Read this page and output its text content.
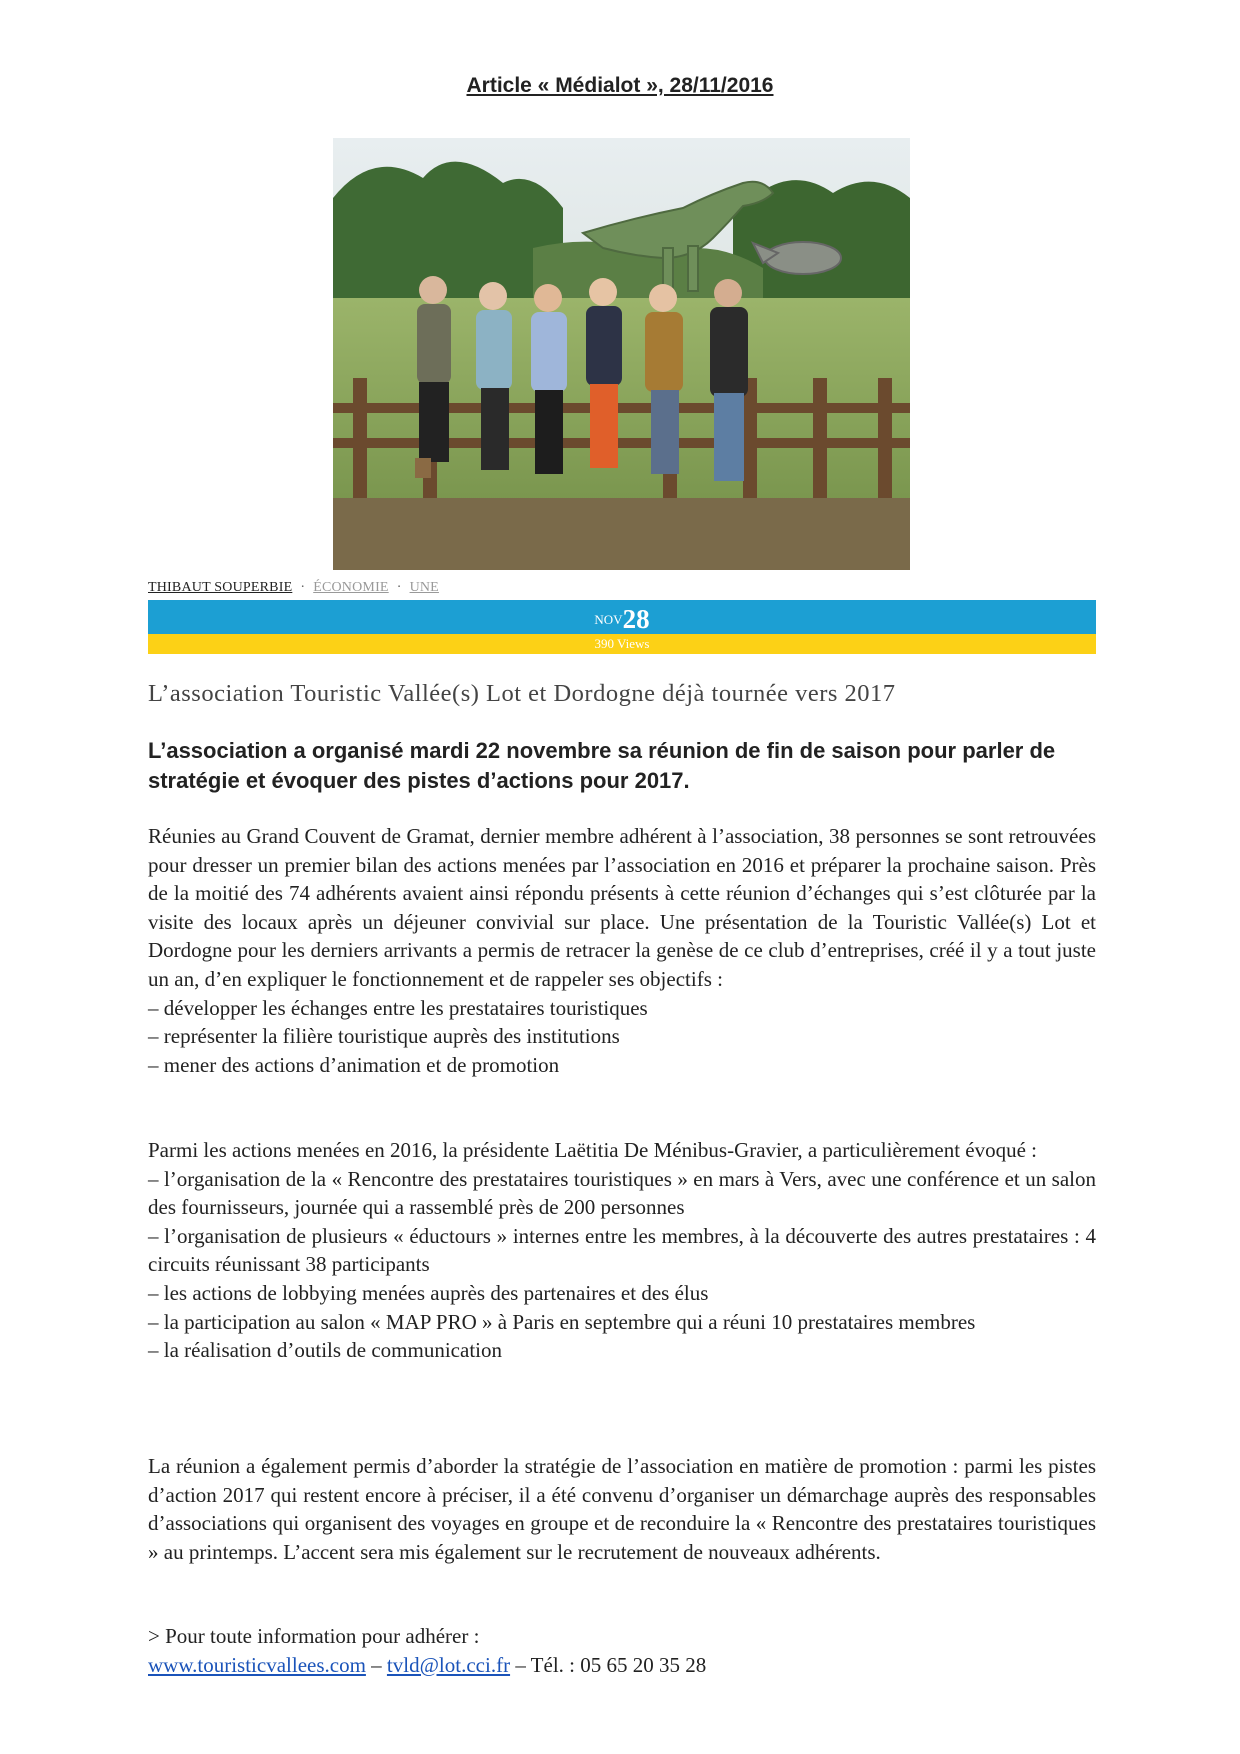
Article « Médialot », 28/11/2016
THIBAUT SOUPERBIE · ÉCONOMIE · UNE
NOV 28
390 Views
L’association Touristic Vallée(s) Lot et Dordogne déjà tournée vers 2017
L’association a organisé mardi 22 novembre sa réunion de fin de saison pour parler de stratégie et évoquer des pistes d’actions pour 2017.

Réunies au Grand Couvent de Gramat, dernier membre adhérent à l’association, 38 personnes se sont retrouvées pour dresser un premier bilan des actions menées par l’association en 2016 et préparer la prochaine saison. Près de la moitié des 74 adhérents avaient ainsi répondu présents à cette réunion d’échanges qui s’est clôturée par la visite des locaux après un déjeuner convivial sur place. Une présentation de la Touristic Vallée(s) Lot et Dordogne pour les derniers arrivants a permis de retracer la genèse de ce club d’entreprises, créé il y a tout juste un an, d’en expliquer le fonctionnement et de rappeler ses objectifs :

– développer les échanges entre les prestataires touristiques

– représenter la filière touristique auprès des institutions

– mener des actions d’animation et de promotion

Parmi les actions menées en 2016, la présidente Laëtitia De Ménibus-Gravier, a particulièrement évoqué :

– l’organisation de la « Rencontre des prestataires touristiques » en mars à Vers, avec une conférence et un salon des fournisseurs, journée qui a rassemblé près de 200 personnes

– l’organisation de plusieurs « éductours » internes entre les membres, à la découverte des autres prestataires : 4 circuits réunissant 38 participants

– les actions de lobbying menées auprès des partenaires et des élus

– la participation au salon « MAP PRO » à Paris en septembre qui a réuni 10 prestataires membres

– la réalisation d’outils de communication

La réunion a également permis d’aborder la stratégie de l’association en matière de promotion : parmi les pistes d’action 2017 qui restent encore à préciser, il a été convenu d’organiser un démarchage auprès des responsables d’associations qui organisent des voyages en groupe et de reconduire la « Rencontre des prestataires touristiques » au printemps. L’accent sera mis également sur le recrutement de nouveaux adhérents.

> Pour toute information pour adhérer :

www.touristicvallees.com – tvld@lot.cci.fr – Tél. : 05 65 20 35 28
